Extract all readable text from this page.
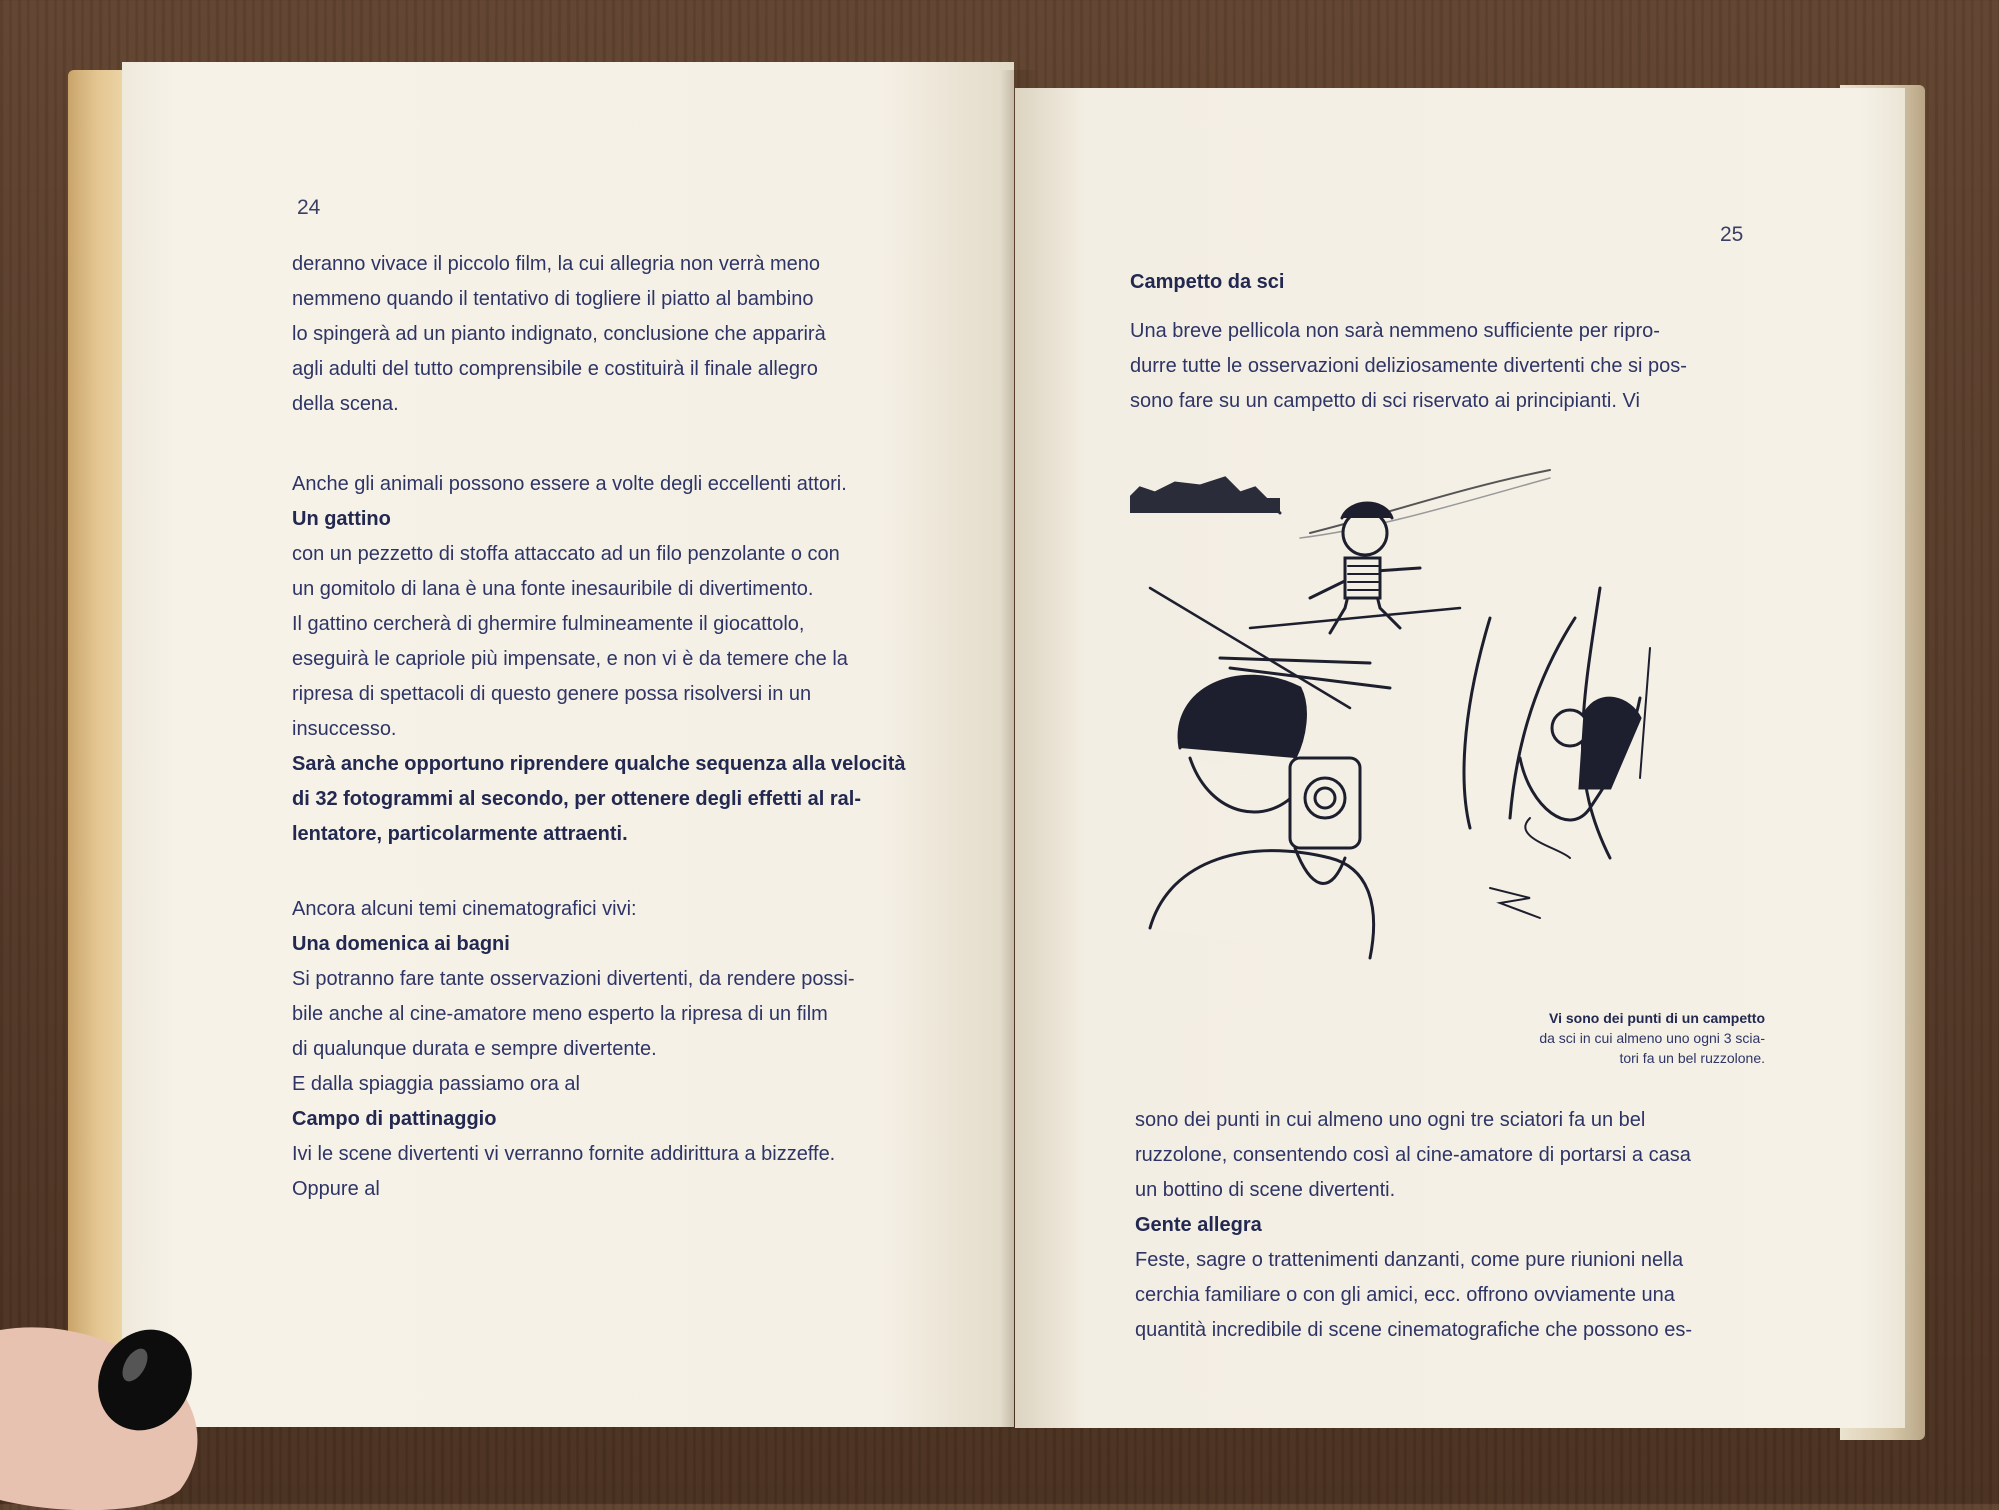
24

deranno vivace il piccolo film, la cui allegria non verrà meno

nemmeno quando il tentativo di togliere il piatto al bambino

lo spingerà ad un pianto indignato, conclusione che apparirà

agli adulti del tutto comprensibile e costituirà il finale allegro

della scena.

Anche gli animali possono essere a volte degli eccellenti attori.

Un gattino

con un pezzetto di stoffa attaccato ad un filo penzolante o con

un gomitolo di lana è una fonte inesauribile di divertimento.

Il gattino cercherà di ghermire fulmineamente il giocattolo,

eseguirà le capriole più impensate, e non vi è da temere che la

ripresa di spettacoli di questo genere possa risolversi in un

insuccesso.

Sarà anche opportuno riprendere qualche sequenza alla velocità

di 32 fotogrammi al secondo, per ottenere degli effetti al ral-

lentatore, particolarmente attraenti.

Ancora alcuni temi cinematografici vivi:

Una domenica ai bagni

Si potranno fare tante osservazioni divertenti, da rendere possi-

bile anche al cine-amatore meno esperto la ripresa di un film

di qualunque durata e sempre divertente.

E dalla spiaggia passiamo ora al

Campo di pattinaggio

Ivi le scene divertenti vi verranno fornite addirittura a bizzeffe.

Oppure al

25

Campetto da sci

Una breve pellicola non sarà nemmeno sufficiente per ripro-

durre tutte le osservazioni deliziosamente divertenti che si pos-

sono fare su un campetto di sci riservato ai principianti. Vi

Vi sono dei punti di un campetto
da sci in cui almeno uno ogni 3 scia-
tori fa un bel ruzzolone.

sono dei punti in cui almeno uno ogni tre sciatori fa un bel

ruzzolone, consentendo così al cine-amatore di portarsi a casa

un bottino di scene divertenti.

Gente allegra

Feste, sagre o trattenimenti danzanti, come pure riunioni nella

cerchia familiare o con gli amici, ecc. offrono ovviamente una

quantità incredibile di scene cinematografiche che possono es-
